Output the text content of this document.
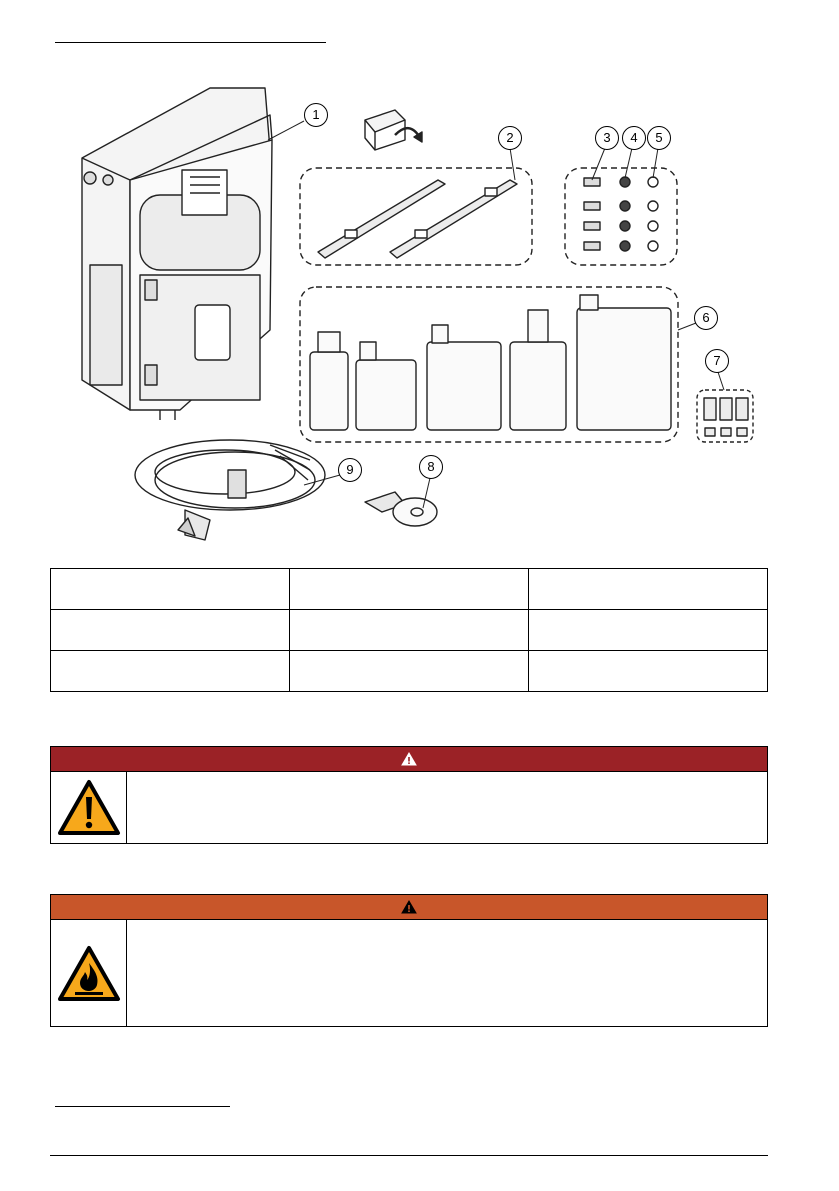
1
2	3	4	5
6
7
8
9
